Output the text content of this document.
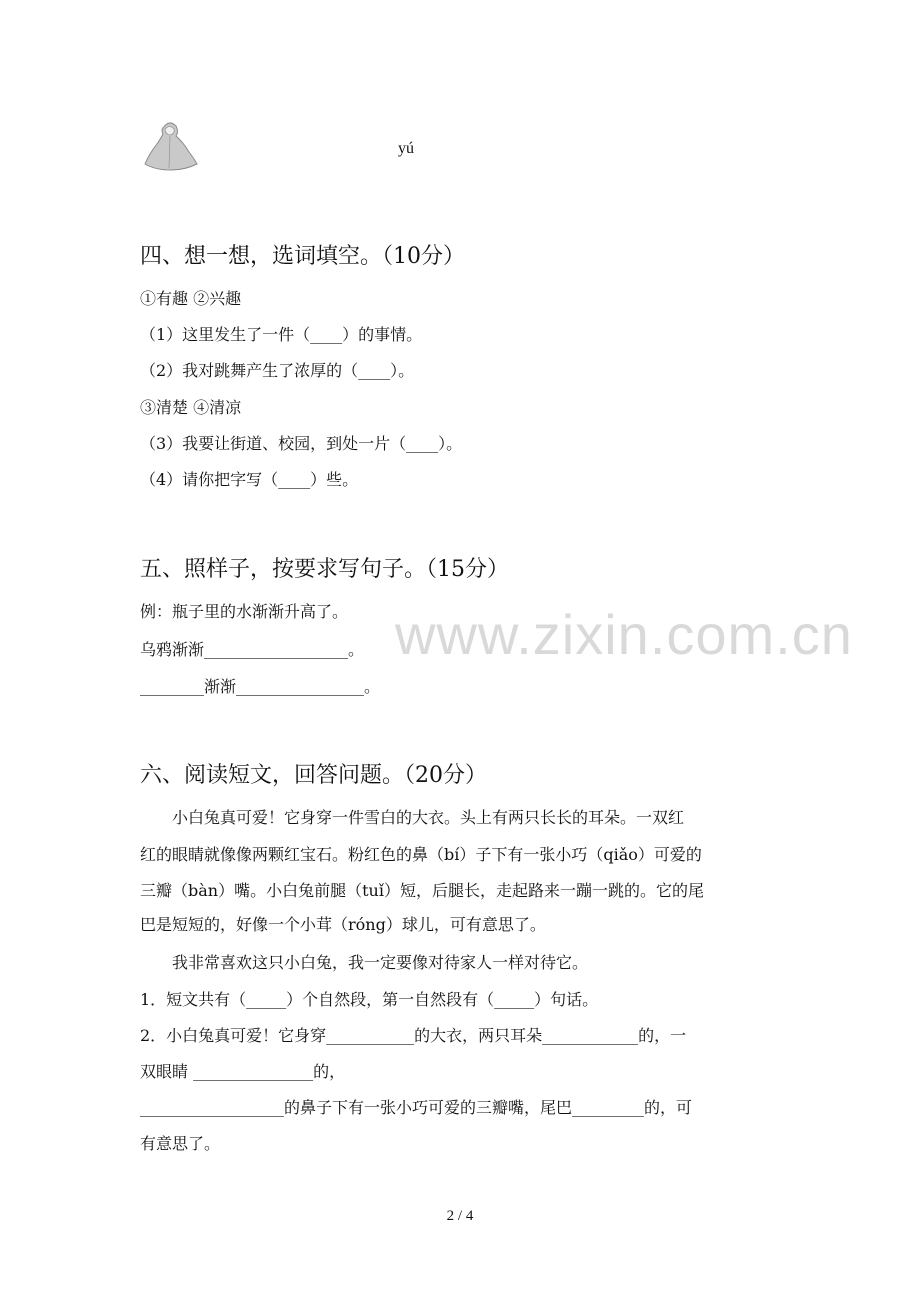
www.zixin.com.cn
yú
四、想一想，选词填空。（10分）
①有趣 ②兴趣
（1）这里发生了一件（____）的事情。
（2）我对跳舞产生了浓厚的（____）。
③清楚 ④清凉
（3）我要让街道、校园，到处一片（____）。
（4）请你把字写（____）些。
五、照样子，按要求写句子。（15分）
例：瓶子里的水渐渐升高了。
乌鸦渐渐__________________。
________渐渐________________。
六、阅读短文，回答问题。（20分）
小白兔真可爱！它身穿一件雪白的大衣。头上有两只长长的耳朵。一双红
红的眼睛就像像两颗红宝石。粉红色的鼻（bí）子下有一张小巧（qiǎo）可爱的
三瓣（bàn）嘴。小白兔前腿（tuǐ）短，后腿长，走起路来一蹦一跳的。它的尾
巴是短短的，好像一个小茸（róng）球儿，可有意思了。
我非常喜欢这只小白兔，我一定要像对待家人一样对待它。
1．短文共有（_____）个自然段，第一自然段有（_____）句话。
2．小白兔真可爱！它身穿___________的大衣，两只耳朵____________的，一
双眼睛 _______________的，
__________________的鼻子下有一张小巧可爱的三瓣嘴，尾巴_________的，可
有意思了。
2 / 4
